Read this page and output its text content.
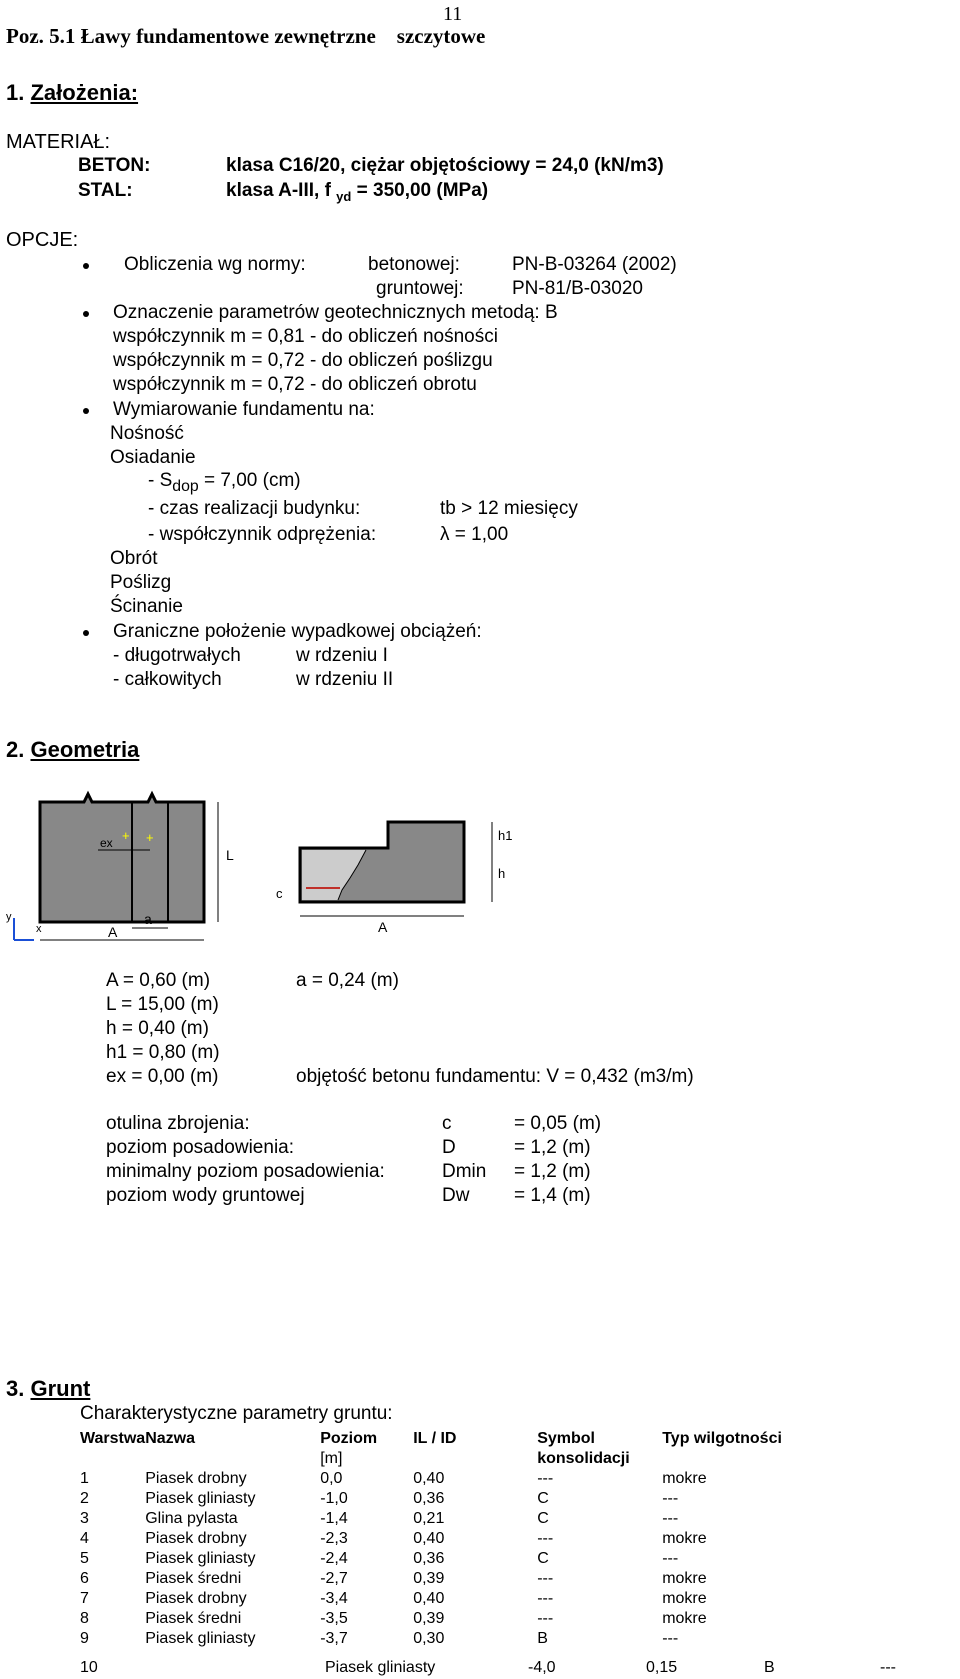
11
Poz. 5.1 Ławy fundamentowe zewnętrzne    szczytowe
1. Założenia:
MATERIAŁ:
BETON:	klasa C16/20, ciężar objętościowy = 24,0 (kN/m3)
STAL:	klasa A-III, f $_{yd}$ = 350,00 (MPa)
OPCJE:
Obliczenia wg normy:	betonowej:	PN-B-03264 (2002)
gruntowej:	PN-81/B-03020
Oznaczenie parametrów geotechnicznych metodą: B
współczynnik m = 0,81 - do obliczeń nośności
współczynnik m = 0,72 - do obliczeń poślizgu
współczynnik m = 0,72 - do obliczeń obrotu
Wymiarowanie fundamentu na:
Nośność
Osiadanie
- $S_{dop} = 7,00$ (cm)
- czas realizacji budynku:	tb > 12 miesięcy
- współczynnik odprężenia:	λ = 1,00
Obrót
Poślizg
Ścinanie
Graniczne położenie wypadkowej obciążeń:
- długotrwałych	w rdzeniu I
- całkowitych	w rdzeniu II
2. Geometria
+ +
ex
L
a
A
y
x
c
h1
h
A
A = 0,60 (m)	a = 0,24 (m)
L = 15,00 (m)
h = 0,40 (m)
h1 = 0,80 (m)
ex = 0,00 (m)	objętość betonu fundamentu: V = 0,432 (m3/m)
otulina zbrojenia:	c	= 0,05 (m)
poziom posadowienia:	D	= 1,2 (m)
minimalny poziom posadowienia:	Dmin = 1,2 (m)
poziom wody gruntowej	Dw = 1,4 (m)
3. Grunt
Charakterystyczne parametry gruntu:
Warstwa	Nazwa	Poziom	IL / ID	Symbol	Typ wilgotności
		[m]		konsolidacji	
1	Piasek drobny	0,0	0,40	---	mokre
2	Piasek gliniasty	-1,0	0,36	C	---
3	Glina pylasta	-1,4	0,21	C	---
4	Piasek drobny	-2,3	0,40	---	mokre
5	Piasek gliniasty	-2,4	0,36	C	---
6	Piasek średni	-2,7	0,39	---	mokre
7	Piasek drobny	-3,4	0,40	---	mokre
8	Piasek średni	-3,5	0,39	---	mokre
9	Piasek gliniasty	-3,7	0,30	B	---
10	Piasek gliniasty	-4,0	0,15	B	---
